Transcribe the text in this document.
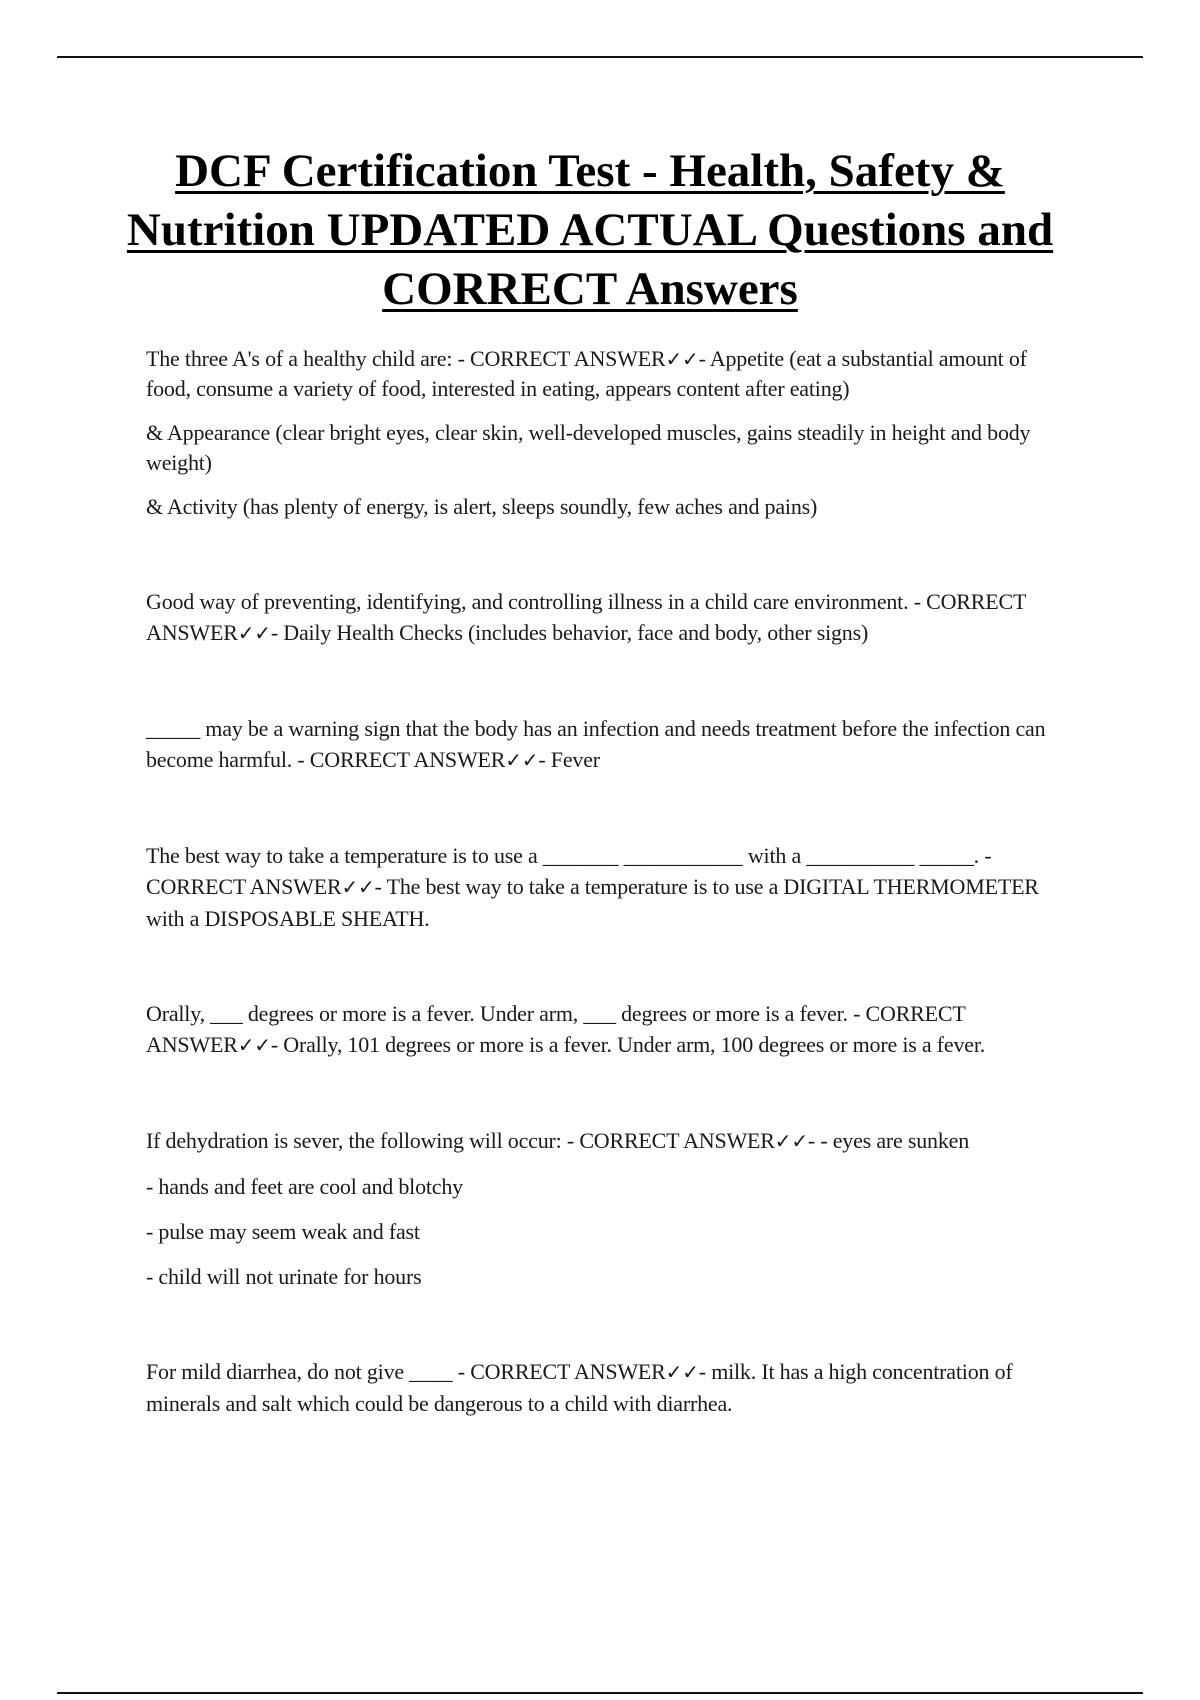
DCF Certification Test - Health, Safety & Nutrition UPDATED ACTUAL Questions and CORRECT Answers

The three A's of a healthy child are: - CORRECT ANSWER✓✓- Appetite (eat a substantial amount of food, consume a variety of food, interested in eating, appears content after eating)

& Appearance (clear bright eyes, clear skin, well-developed muscles, gains steadily in height and body weight)

& Activity (has plenty of energy, is alert, sleeps soundly, few aches and pains)

Good way of preventing, identifying, and controlling illness in a child care environment. - CORRECT ANSWER✓✓- Daily Health Checks (includes behavior, face and body, other signs)

_____ may be a warning sign that the body has an infection and needs treatment before the infection can become harmful. - CORRECT ANSWER✓✓- Fever

The best way to take a temperature is to use a _______ ___________ with a __________ _____. - CORRECT ANSWER✓✓- The best way to take a temperature is to use a DIGITAL THERMOMETER with a DISPOSABLE SHEATH.

Orally, ___ degrees or more is a fever. Under arm, ___ degrees or more is a fever. - CORRECT ANSWER✓✓- Orally, 101 degrees or more is a fever. Under arm, 100 degrees or more is a fever.

If dehydration is sever, the following will occur: - CORRECT ANSWER✓✓- - eyes are sunken

- hands and feet are cool and blotchy

- pulse may seem weak and fast

- child will not urinate for hours

For mild diarrhea, do not give ____ - CORRECT ANSWER✓✓- milk. It has a high concentration of minerals and salt which could be dangerous to a child with diarrhea.
